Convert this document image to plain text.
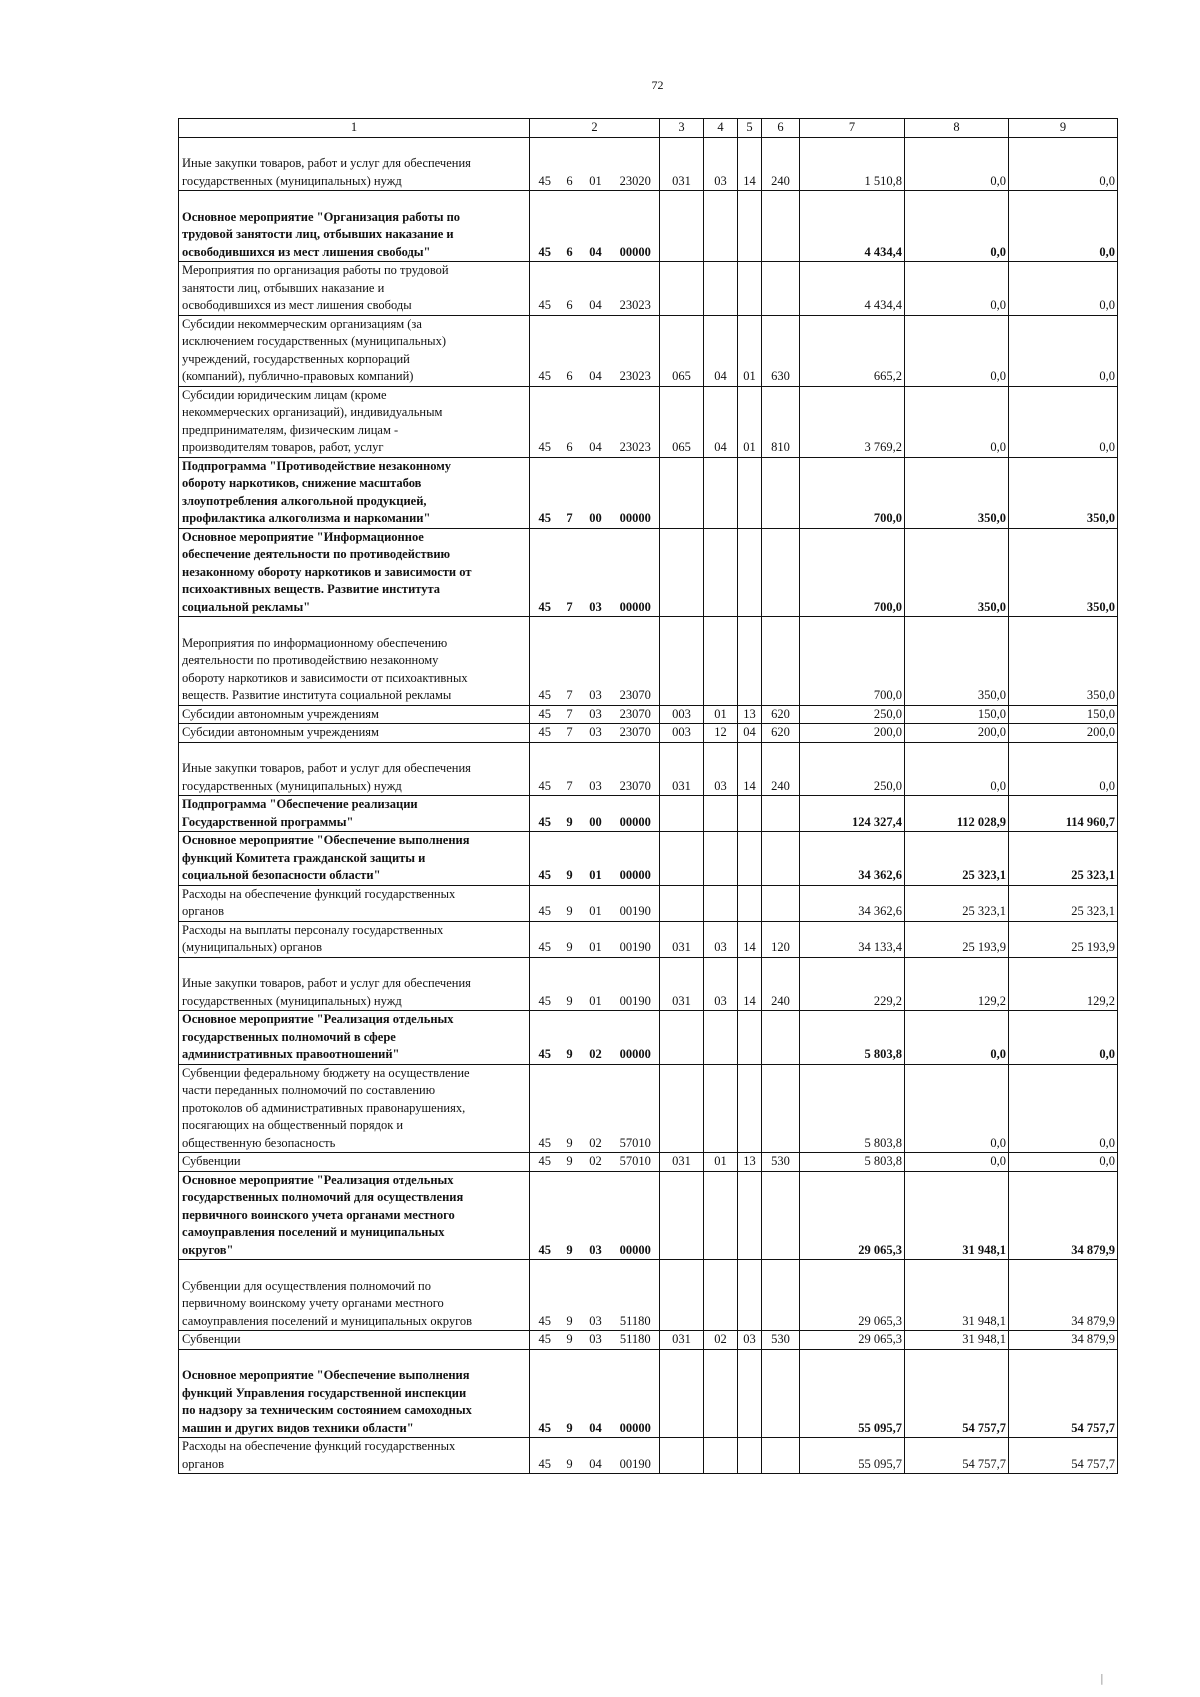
72
1	2				3	4	5	6	7	8	9

Иные закупки товаров, работ и услуг для обеспечения
государственных (муниципальных) нужд	45	6	01	23020	031	03	14	240	1 510,8	0,0	0,0

Основное мероприятие "Организация работы по
трудовой занятости лиц, отбывших наказание и
освободившихся из мест лишения свободы"	45	6	04	00000					4 434,4	0,0	0,0

Мероприятия по организация работы по трудовой
занятости лиц, отбывших наказание и
освободившихся из мест лишения свободы	45	6	04	23023					4 434,4	0,0	0,0

Субсидии некоммерческим организациям (за
исключением государственных (муниципальных)
учреждений, государственных корпораций
(компаний), публично-правовых компаний)	45	6	04	23023	065	04	01	630	665,2	0,0	0,0

Субсидии юридическим лицам (кроме
некоммерческих организаций), индивидуальным
предпринимателям, физическим лицам -
производителям товаров, работ, услуг	45	6	04	23023	065	04	01	810	3 769,2	0,0	0,0

Подпрограмма "Противодействие незаконному
обороту наркотиков, снижение масштабов
злоупотребления алкогольной продукцией,
профилактика алкоголизма и наркомании"	45	7	00	00000					700,0	350,0	350,0

Основное мероприятие "Информационное
обеспечение деятельности по противодействию
незаконному обороту наркотиков и зависимости от
психоактивных веществ. Развитие института
социальной рекламы"	45	7	03	00000					700,0	350,0	350,0

Мероприятия по информационному обеспечению
деятельности по противодействию незаконному
обороту наркотиков и зависимости от психоактивных
веществ. Развитие института социальной рекламы	45	7	03	23070					700,0	350,0	350,0

Субсидии автономным учреждениям	45	7	03	23070	003	01	13	620	250,0	150,0	150,0

Субсидии автономным учреждениям	45	7	03	23070	003	12	04	620	200,0	200,0	200,0

Иные закупки товаров, работ и услуг для обеспечения
государственных (муниципальных) нужд	45	7	03	23070	031	03	14	240	250,0	0,0	0,0

Подпрограмма "Обеспечение реализации
Государственной программы"	45	9	00	00000					124 327,4	112 028,9	114 960,7

Основное мероприятие "Обеспечение выполнения
функций Комитета гражданской защиты и
социальной безопасности области"	45	9	01	00000					34 362,6	25 323,1	25 323,1

Расходы на обеспечение функций государственных
органов	45	9	01	00190					34 362,6	25 323,1	25 323,1

Расходы на выплаты персоналу государственных
(муниципальных) органов	45	9	01	00190	031	03	14	120	34 133,4	25 193,9	25 193,9

Иные закупки товаров, работ и услуг для обеспечения
государственных (муниципальных) нужд	45	9	01	00190	031	03	14	240	229,2	129,2	129,2

Основное мероприятие "Реализация отдельных
государственных полномочий в сфере
административных правоотношений"	45	9	02	00000					5 803,8	0,0	0,0

Субвенции федеральному бюджету на осуществление
части переданных полномочий по составлению
протоколов об административных правонарушениях,
посягающих на общественный порядок и
общественную безопасность	45	9	02	57010					5 803,8	0,0	0,0

Субвенции	45	9	02	57010	031	01	13	530	5 803,8	0,0	0,0

Основное мероприятие "Реализация отдельных
государственных полномочий для осуществления
первичного воинского учета органами местного
самоуправления поселений и муниципальных
округов"	45	9	03	00000					29 065,3	31 948,1	34 879,9

Субвенции для осуществления полномочий по
первичному воинскому учету органами местного
самоуправления поселений и муниципальных округов	45	9	03	51180					29 065,3	31 948,1	34 879,9

Субвенции	45	9	03	51180	031	02	03	530	29 065,3	31 948,1	34 879,9

Основное мероприятие "Обеспечение выполнения
функций Управления государственной инспекции
по надзору за техническим состоянием самоходных
машин и других видов техники области"	45	9	04	00000					55 095,7	54 757,7	54 757,7

Расходы на обеспечение функций государственных
органов	45	9	04	00190					55 095,7	54 757,7	54 757,7
|
